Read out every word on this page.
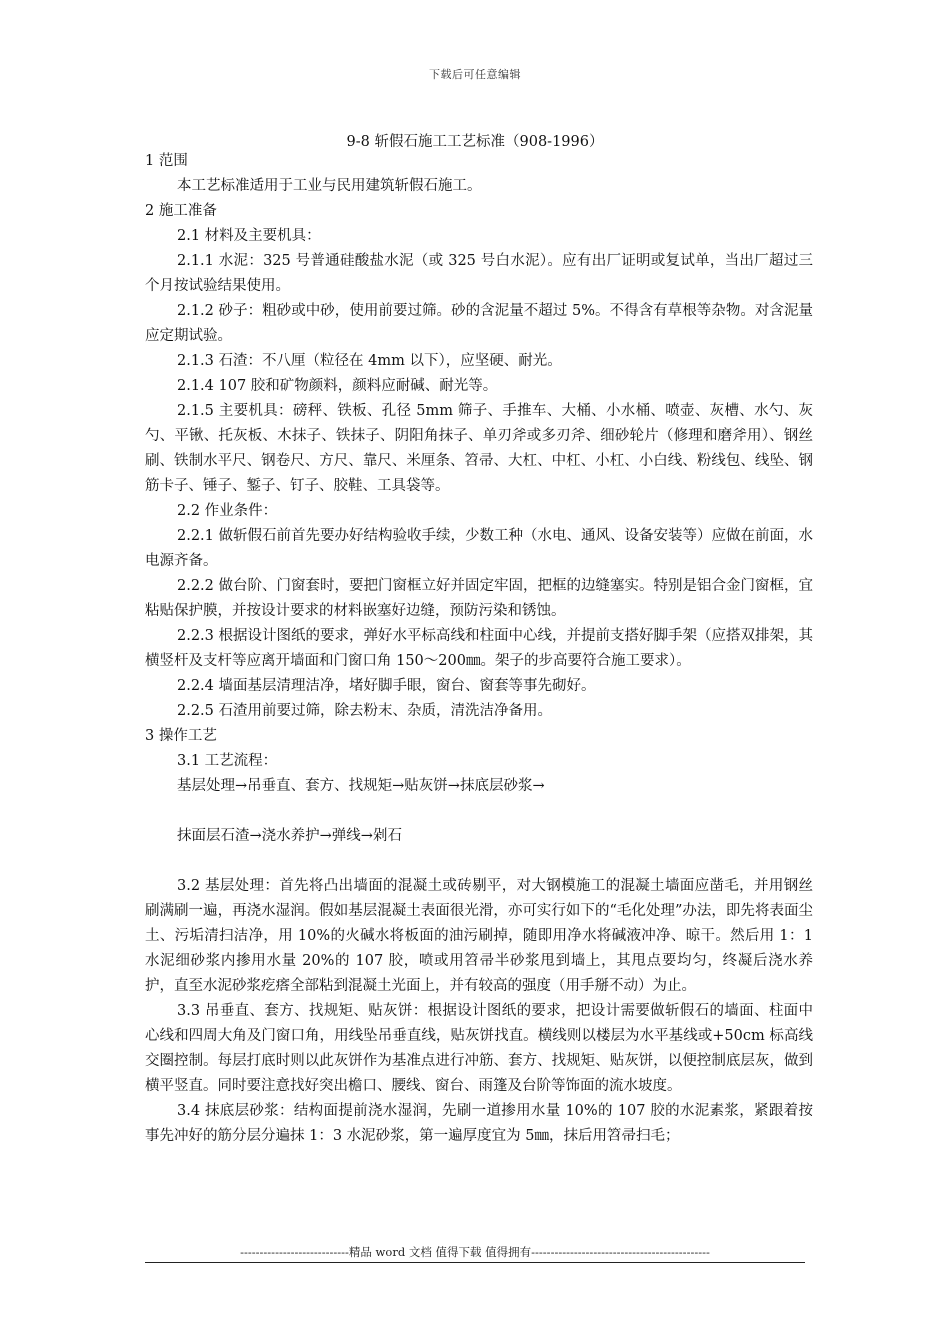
下载后可任意编辑
9-8 斩假石施工工艺标准（908-1996）

1 范围

本工艺标准适用于工业与民用建筑斩假石施工。

2 施工准备

2.1 材料及主要机具：

2.1.1 水泥：325 号普通硅酸盐水泥（或 325 号白水泥）。应有出厂证明或复试单，当出厂超过三个月按试验结果使用。

2.1.2 砂子：粗砂或中砂，使用前要过筛。砂的含泥量不超过 5%。不得含有草根等杂物。对含泥量应定期试验。

2.1.3 石渣：不八厘（粒径在 4mm 以下），应坚硬、耐光。

2.1.4 107 胶和矿物颜料，颜料应耐碱、耐光等。

2.1.5 主要机具：磅秤、铁板、孔径 5mm 筛子、手推车、大桶、小水桶、喷壶、灰槽、水勺、灰勺、平锹、托灰板、木抹子、铁抹子、阴阳角抹子、单刃斧或多刃斧、细砂轮片（修理和磨斧用）、钢丝刷、铁制水平尺、钢卷尺、方尺、靠尺、米厘条、笤帚、大杠、中杠、小杠、小白线、粉线包、线坠、钢筋卡子、锤子、錾子、钉子、胶鞋、工具袋等。

2.2 作业条件：

2.2.1 做斩假石前首先要办好结构验收手续，少数工种（水电、通风、设备安装等）应做在前面，水电源齐备。

2.2.2 做台阶、门窗套时，要把门窗框立好并固定牢固，把框的边缝塞实。特别是铝合金门窗框，宜粘贴保护膜，并按设计要求的材料嵌塞好边缝，预防污染和锈蚀。

2.2.3 根据设计图纸的要求，弹好水平标高线和柱面中心线，并提前支搭好脚手架（应搭双排架，其横竖杆及支杆等应离开墙面和门窗口角 150～200㎜。架子的步高要符合施工要求）。

2.2.4 墙面基层清理洁净，堵好脚手眼，窗台、窗套等事先砌好。

2.2.5 石渣用前要过筛，除去粉末、杂质，清洗洁净备用。

3 操作工艺

3.1 工艺流程：

基层处理→吊垂直、套方、找规矩→贴灰饼→抹底层砂浆→

抹面层石渣→浇水养护→弹线→剁石

3.2 基层处理：首先将凸出墙面的混凝土或砖剔平，对大钢模施工的混凝土墙面应凿毛，并用钢丝刷满刷一遍，再浇水湿润。假如基层混凝土表面很光滑，亦可实行如下的“毛化处理”办法，即先将表面尘土、污垢清扫洁净，用 10%的火碱水将板面的油污刷掉，随即用净水将碱液冲净、晾干。然后用 1：1 水泥细砂浆内掺用水量 20%的 107 胶，喷或用笤帚半砂浆甩到墙上，其甩点要均匀，终凝后浇水养护，直至水泥砂浆疙瘩全部粘到混凝土光面上，并有较高的强度（用手掰不动）为止。

3.3 吊垂直、套方、找规矩、贴灰饼：根据设计图纸的要求，把设计需要做斩假石的墙面、柱面中心线和四周大角及门窗口角，用线坠吊垂直线，贴灰饼找直。横线则以楼层为水平基线或+50cm 标高线交圈控制。每层打底时则以此灰饼作为基准点进行冲筋、套方、找规矩、贴灰饼，以便控制底层灰，做到横平竖直。同时要注意找好突出檐口、腰线、窗台、雨篷及台阶等饰面的流水坡度。

3.4 抹底层砂浆：结构面提前浇水湿润，先刷一道掺用水量 10%的 107 胶的水泥素浆，紧跟着按事先冲好的筋分层分遍抹 1：3 水泥砂浆，第一遍厚度宜为 5㎜，抹后用笤帚扫毛；

----------------------------精品 word 文档 值得下载 值得拥有----------------------------------------------
